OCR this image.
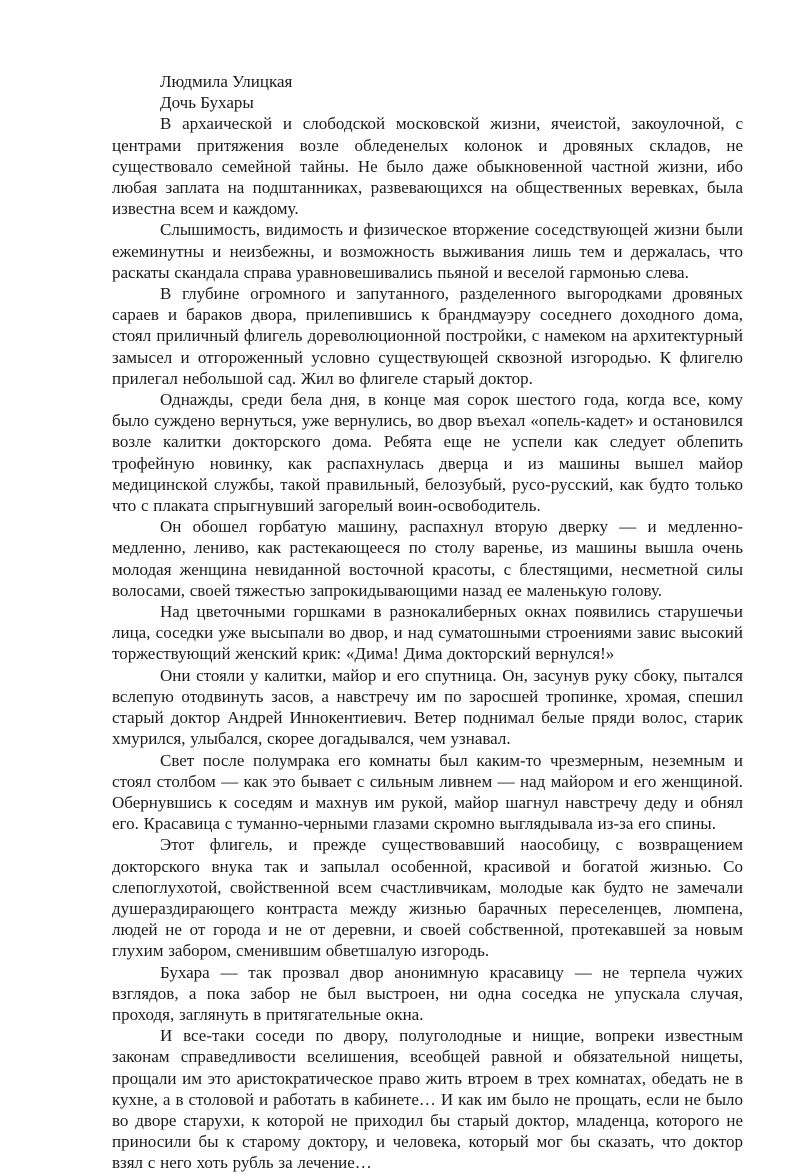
Людмила Улицкая
Дочь Бухары

В архаической и слободской московской жизни, ячеистой, закоулочной, с центрами притяжения возле обледенелых колонок и дровяных складов, не существовало семейной тайны. Не было даже обыкновенной частной жизни, ибо любая заплата на подштанниках, развевающихся на общественных веревках, была известна всем и каждому.

Слышимость, видимость и физическое вторжение соседствующей жизни были ежеминутны и неизбежны, и возможность выживания лишь тем и держалась, что раскаты скандала справа уравновешивались пьяной и веселой гармонью слева.

В глубине огромного и запутанного, разделенного выгородками дровяных сараев и бараков двора, прилепившись к брандмауэру соседнего доходного дома, стоял приличный флигель дореволюционной постройки, с намеком на архитектурный замысел и отгороженный условно существующей сквозной изгородью. К флигелю прилегал небольшой сад. Жил во флигеле старый доктор.

Однажды, среди бела дня, в конце мая сорок шестого года, когда все, кому было суждено вернуться, уже вернулись, во двор въехал «опель-кадет» и остановился возле калитки докторского дома. Ребята еще не успели как следует облепить трофейную новинку, как распахнулась дверца и из машины вышел майор медицинской службы, такой правильный, белозубый, русо-русский, как будто только что с плаката спрыгнувший загорелый воин-освободитель.

Он обошел горбатую машину, распахнул вторую дверку — и медленно-медленно, лениво, как растекающееся по столу варенье, из машины вышла очень молодая женщина невиданной восточной красоты, с блестящими, несметной силы волосами, своей тяжестью запрокидывающими назад ее маленькую голову.

Над цветочными горшками в разнокалиберных окнах появились старушечьи лица, соседки уже высыпали во двор, и над суматошными строениями завис высокий торжествующий женский крик: «Дима! Дима докторский вернулся!»

Они стояли у калитки, майор и его спутница. Он, засунув руку сбоку, пытался вслепую отодвинуть засов, а навстречу им по заросшей тропинке, хромая, спешил старый доктор Андрей Иннокентиевич. Ветер поднимал белые пряди волос, старик хмурился, улыбался, скорее догадывался, чем узнавал.

Свет после полумрака его комнаты был каким-то чрезмерным, неземным и стоял столбом — как это бывает с сильным ливнем — над майором и его женщиной. Обернувшись к соседям и махнув им рукой, майор шагнул навстречу деду и обнял его. Красавица с туманно-черными глазами скромно выглядывала из-за его спины.

Этот флигель, и прежде существовавший наособицу, с возвращением докторского внука так и запылал особенной, красивой и богатой жизнью. Со слепоглухотой, свойственной всем счастливчикам, молодые как будто не замечали душераздирающего контраста между жизнью барачных переселенцев, люмпена, людей не от города и не от деревни, и своей собственной, протекавшей за новым глухим забором, сменившим обветшалую изгородь.

Бухара — так прозвал двор анонимную красавицу — не терпела чужих взглядов, а пока забор не был выстроен, ни одна соседка не упускала случая, проходя, заглянуть в притягательные окна.

И все-таки соседи по двору, полуголодные и нищие, вопреки известным законам справедливости вселишения, всеобщей равной и обязательной нищеты, прощали им это аристократическое право жить втроем в трех комнатах, обедать не в кухне, а в столовой и работать в кабинете… И как им было не прощать, если не было во дворе старухи, к которой не приходил бы старый доктор, младенца, которого не приносили бы к старому доктору, и человека, который мог бы сказать, что доктор взял с него хоть рубль за лечение…
